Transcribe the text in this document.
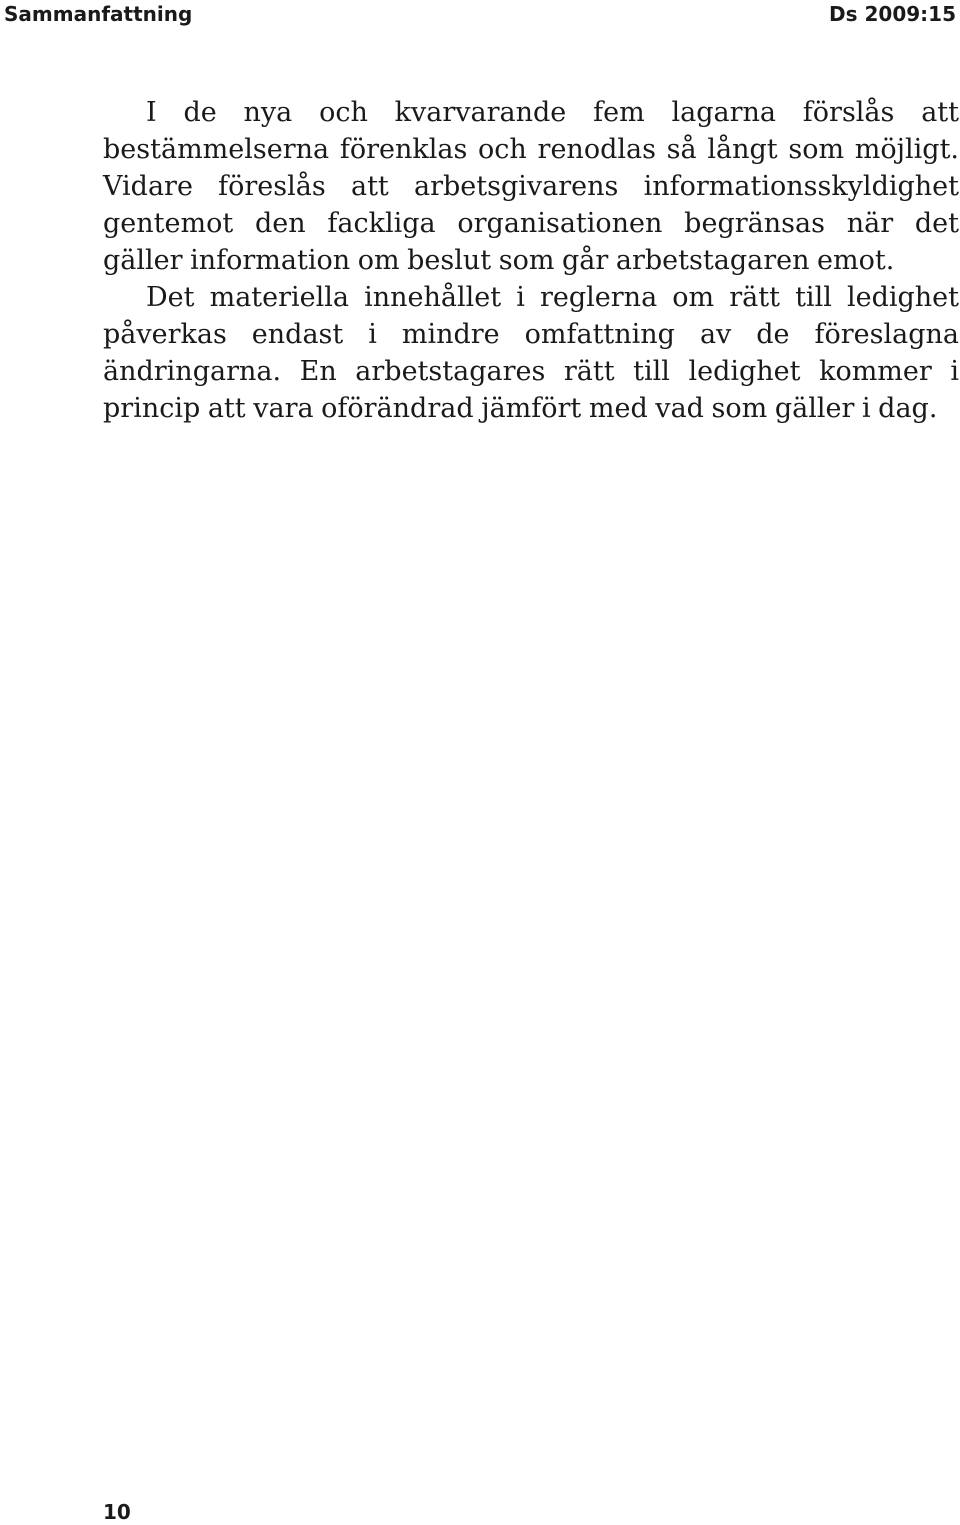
Sammanfattning	Ds 2009:15

I de nya och kvarvarande fem lagarna förslås att bestämmelserna förenklas och renodlas så långt som möjligt. Vidare föreslås att arbetsgivarens informationsskyldighet gentemot den fackliga organisationen begränsas när det gäller information om beslut som går arbetstagaren emot.

Det materiella innehållet i reglerna om rätt till ledighet påverkas endast i mindre omfattning av de föreslagna ändringarna. En arbetstagares rätt till ledighet kommer i princip att vara oförändrad jämfört med vad som gäller i dag.

10
